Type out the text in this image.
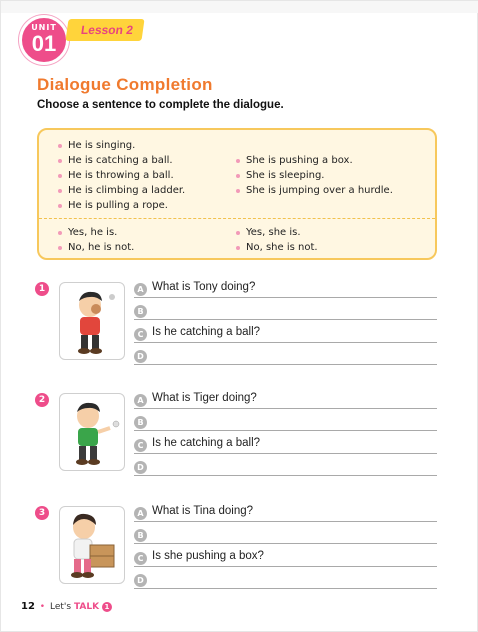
UNIT
01
Lesson 2
Dialogue Completion
Choose a sentence to complete the dialogue.
He is singing.
He is catching a ball.
He is throwing a ball.
He is climbing a ladder.
He is pulling a rope.
She is pushing a box.
She is sleeping.
She is jumping over a hurdle.
Yes, he is.
No, he is not.
Yes, she is.
No, she is not.
1	A What is Tony doing?
B
C Is he catching a ball?
D
2	A What is Tiger doing?
B
C Is he catching a ball?
D
3	A What is Tina doing?
B
C Is she pushing a box?
D
12 • Let's TALK 1
